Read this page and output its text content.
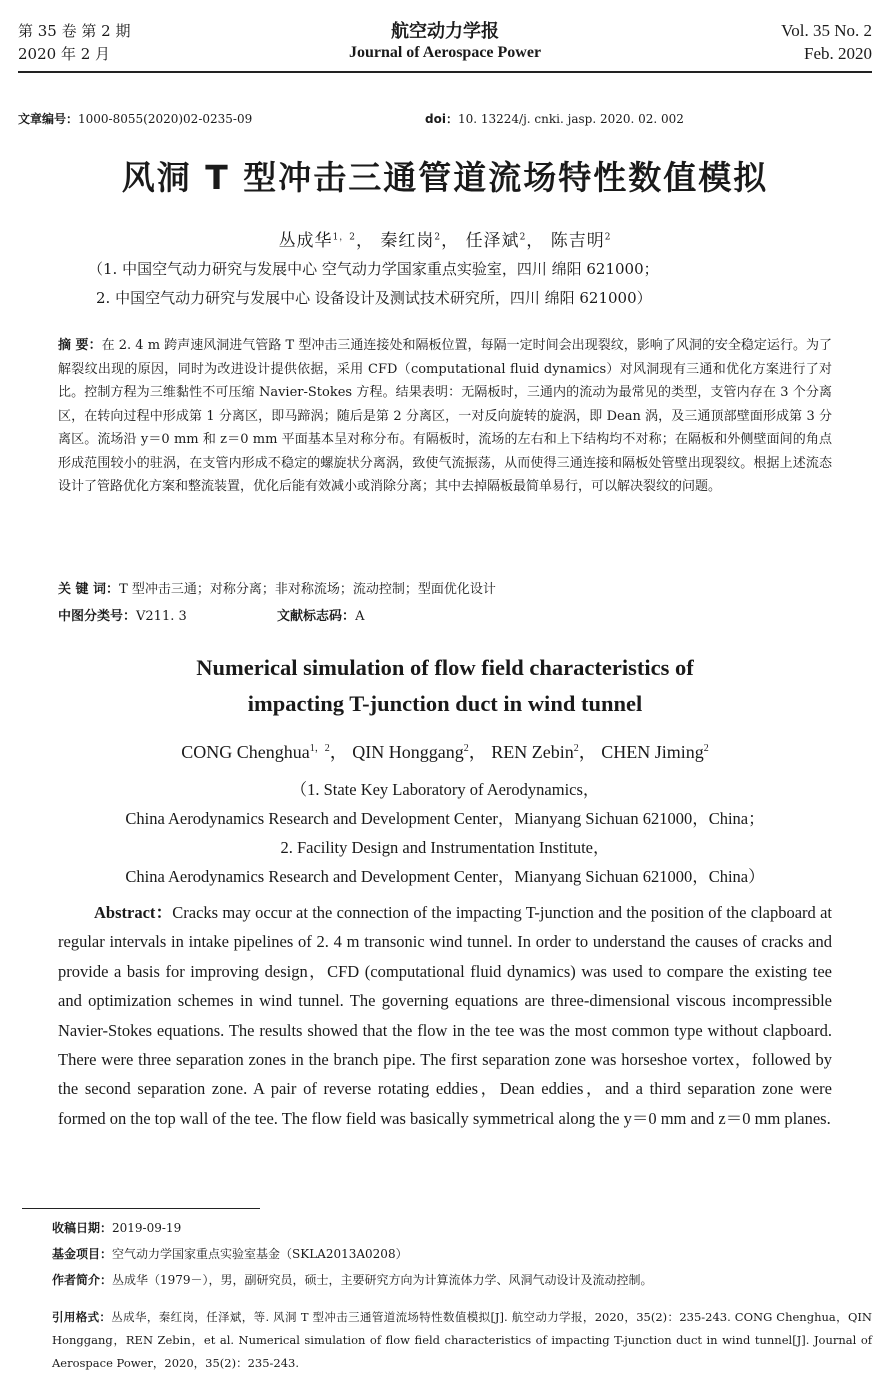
第 35 卷 第 2 期
2020 年 2 月
航空动力学报
Journal of Aerospace Power
Vol. 35 No. 2
Feb. 2020
文章编号：1000-8055(2020)02-0235-09	doi：10. 13224/j. cnki. jasp. 2020. 02. 002
风洞 T 型冲击三通管道流场特性数值模拟
丛成华$^{1,2}$， 秦红岗$^2$， 任泽斌$^2$， 陈吉明$^2$
（1. 中国空气动力研究与发展中心 空气动力学国家重点实验室，四川 绵阳 621000；
2. 中国空气动力研究与发展中心 设备设计及测试技术研究所，四川 绵阳 621000）
摘 要：在 2. 4 m 跨声速风洞进气管路 T 型冲击三通连接处和隔板位置，每隔一定时间会出现裂纹，影响了风洞的安全稳定运行。为了解裂纹出现的原因，同时为改进设计提供依据，采用 CFD（computational fluid dynamics）对风洞现有三通和优化方案进行了对比。控制方程为三维黏性不可压缩 Navier-Stokes 方程。结果表明：无隔板时，三通内的流动为最常见的类型，支管内存在 3 个分离区，在转向过程中形成第 1 分离区，即马蹄涡；随后是第 2 分离区，一对反向旋转的旋涡，即 Dean 涡，及三通顶部壁面形成第 3 分离区。流场沿 y＝0 mm 和 z＝0 mm 平面基本呈对称分布。有隔板时，流场的左右和上下结构均不对称；在隔板和外侧壁面间的角点形成范围较小的驻涡，在支管内形成不稳定的螺旋状分离涡，致使气流振荡，从而使得三通连接和隔板处管壁出现裂纹。根据上述流态设计了管路优化方案和整流装置，优化后能有效减小或消除分离；其中去掉隔板最简单易行，可以解决裂纹的问题。
关 键 词：T 型冲击三通；对称分离；非对称流场；流动控制；型面优化设计
中图分类号：V211. 3	文献标志码：A
Numerical simulation of flow field characteristics of
impacting T-junction duct in wind tunnel
CONG Chenghua$^{1,2}$， QIN Honggang$^2$， REN Zebin$^2$， CHEN Jiming$^2$
（1. State Key Laboratory of Aerodynamics，
China Aerodynamics Research and Development Center，Mianyang Sichuan 621000，China；
2. Facility Design and Instrumentation Institute，
China Aerodynamics Research and Development Center，Mianyang Sichuan 621000，China）
Abstract：Cracks may occur at the connection of the impacting T-junction and the position of the clapboard at regular intervals in intake pipelines of 2. 4 m transonic wind tunnel. In order to understand the causes of cracks and provide a basis for improving design，CFD (computational fluid dynamics) was used to compare the existing tee and optimization schemes in wind tunnel. The governing equations are three-dimensional viscous incompressible Navier-Stokes equations. The results showed that the flow in the tee was the most common type without clapboard. There were three separation zones in the branch pipe. The first separation zone was horseshoe vortex，followed by the second separation zone. A pair of reverse rotating eddies，Dean eddies，and a third separation zone were formed on the top wall of the tee. The flow field was basically symmetrical along the y＝0 mm and z＝0 mm planes.
收稿日期：2019-09-19
基金项目：空气动力学国家重点实验室基金（SKLA2013A0208）
作者简介：丛成华（1979－），男，副研究员，硕士，主要研究方向为计算流体力学、风洞气动设计及流动控制。
引用格式：丛成华，秦红岗，任泽斌，等. 风洞 T 型冲击三通管道流场特性数值模拟[J]. 航空动力学报，2020，35(2)：235-243. CONG Chenghua，QIN Honggang，REN Zebin，et al. Numerical simulation of flow field characteristics of impacting T-junction duct in wind tunnel[J]. Journal of Aerospace Power，2020，35(2)：235-243.
